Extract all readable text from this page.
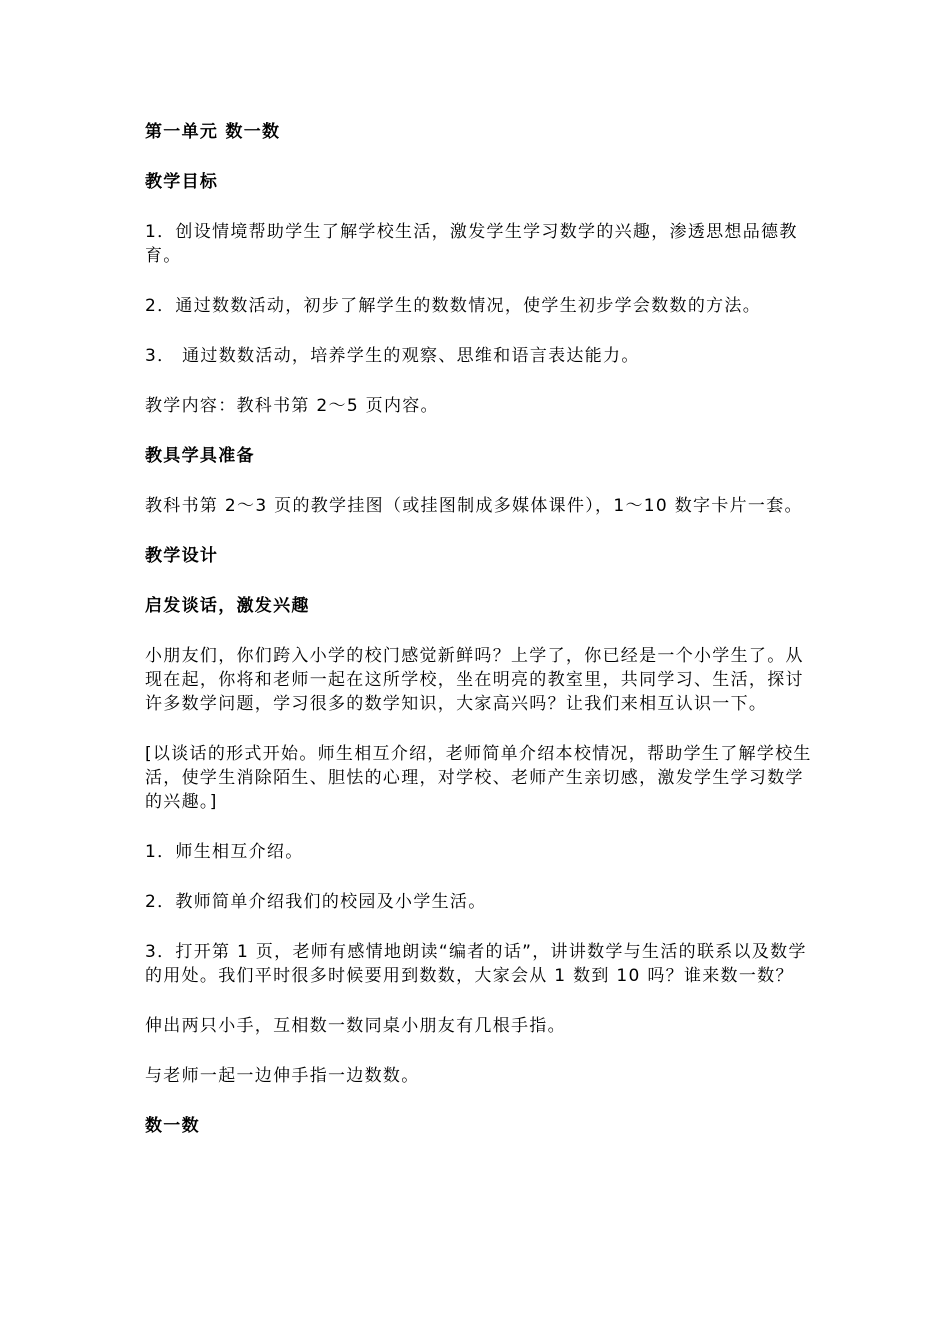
第一单元 数一数

教学目标

1．创设情境帮助学生了解学校生活，激发学生学习数学的兴趣，渗透思想品德教育。

2．通过数数活动，初步了解学生的数数情况，使学生初步学会数数的方法。

3． 通过数数活动，培养学生的观察、思维和语言表达能力。

教学内容：教科书第 2～5 页内容。

教具学具准备

教科书第 2～3 页的教学挂图（或挂图制成多媒体课件），1～10 数字卡片一套。

教学设计

启发谈话，激发兴趣

小朋友们，你们跨入小学的校门感觉新鲜吗？上学了，你已经是一个小学生了。从现在起，你将和老师一起在这所学校，坐在明亮的教室里，共同学习、生活，探讨许多数学问题，学习很多的数学知识，大家高兴吗？让我们来相互认识一下。

[以谈话的形式开始。师生相互介绍，老师简单介绍本校情况，帮助学生了解学校生活，使学生消除陌生、胆怯的心理，对学校、老师产生亲切感，激发学生学习数学的兴趣。]

1．师生相互介绍。

2．教师简单介绍我们的校园及小学生活。

3．打开第 1 页，老师有感情地朗读“编者的话”，讲讲数学与生活的联系以及数学的用处。我们平时很多时候要用到数数，大家会从 1 数到 10 吗？谁来数一数？

伸出两只小手，互相数一数同桌小朋友有几根手指。

与老师一起一边伸手指一边数数。

数一数
